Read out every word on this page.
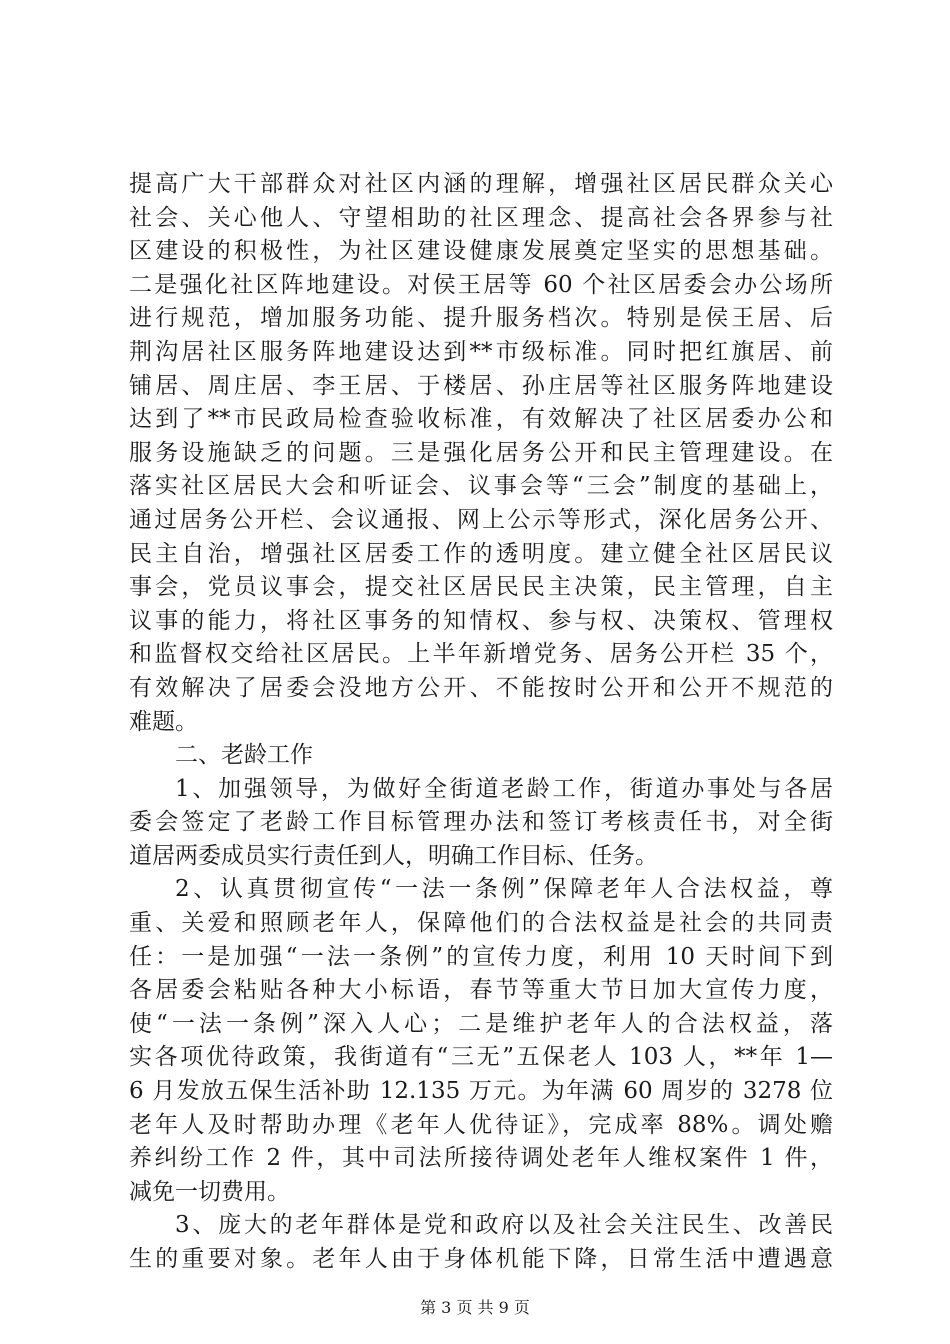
提高广大干部群众对社区内涵的理解，增强社区居民群众关心
社会、关心他人、守望相助的社区理念、提高社会各界参与社
区建设的积极性，为社区建设健康发展奠定坚实的思想基础。
二是强化社区阵地建设。对侯王居等 60 个社区居委会办公场所
进行规范，增加服务功能、提升服务档次。特别是侯王居、后
荆沟居社区服务阵地建设达到**市级标准。同时把红旗居、前
铺居、周庄居、李王居、于楼居、孙庄居等社区服务阵地建设
达到了**市民政局检查验收标准，有效解决了社区居委办公和
服务设施缺乏的问题。三是强化居务公开和民主管理建设。在
落实社区居民大会和听证会、议事会等“三会”制度的基础上，
通过居务公开栏、会议通报、网上公示等形式，深化居务公开、
民主自治，增强社区居委工作的透明度。建立健全社区居民议
事会，党员议事会，提交社区居民民主决策，民主管理，自主
议事的能力，将社区事务的知情权、参与权、决策权、管理权
和监督权交给社区居民。上半年新增党务、居务公开栏 35 个，
有效解决了居委会没地方公开、不能按时公开和公开不规范的
难题。
二、老龄工作
1、加强领导，为做好全街道老龄工作，街道办事处与各居
委会签定了老龄工作目标管理办法和签订考核责任书，对全街
道居两委成员实行责任到人，明确工作目标、任务。
2、认真贯彻宣传“一法一条例”保障老年人合法权益，尊
重、关爱和照顾老年人，保障他们的合法权益是社会的共同责
任：一是加强“一法一条例”的宣传力度，利用 10 天时间下到
各居委会粘贴各种大小标语，春节等重大节日加大宣传力度，
使“一法一条例”深入人心；二是维护老年人的合法权益，落
实各项优待政策，我街道有“三无”五保老人 103 人，**年 1—
6 月发放五保生活补助 12.135 万元。为年满 60 周岁的 3278 位
老年人及时帮助办理《老年人优待证》，完成率 88%。调处赡
养纠纷工作 2 件，其中司法所接待调处老年人维权案件 1 件，
减免一切费用。
3、庞大的老年群体是党和政府以及社会关注民生、改善民
生的重要对象。老年人由于身体机能下降，日常生活中遭遇意
第 3 页 共 9 页
